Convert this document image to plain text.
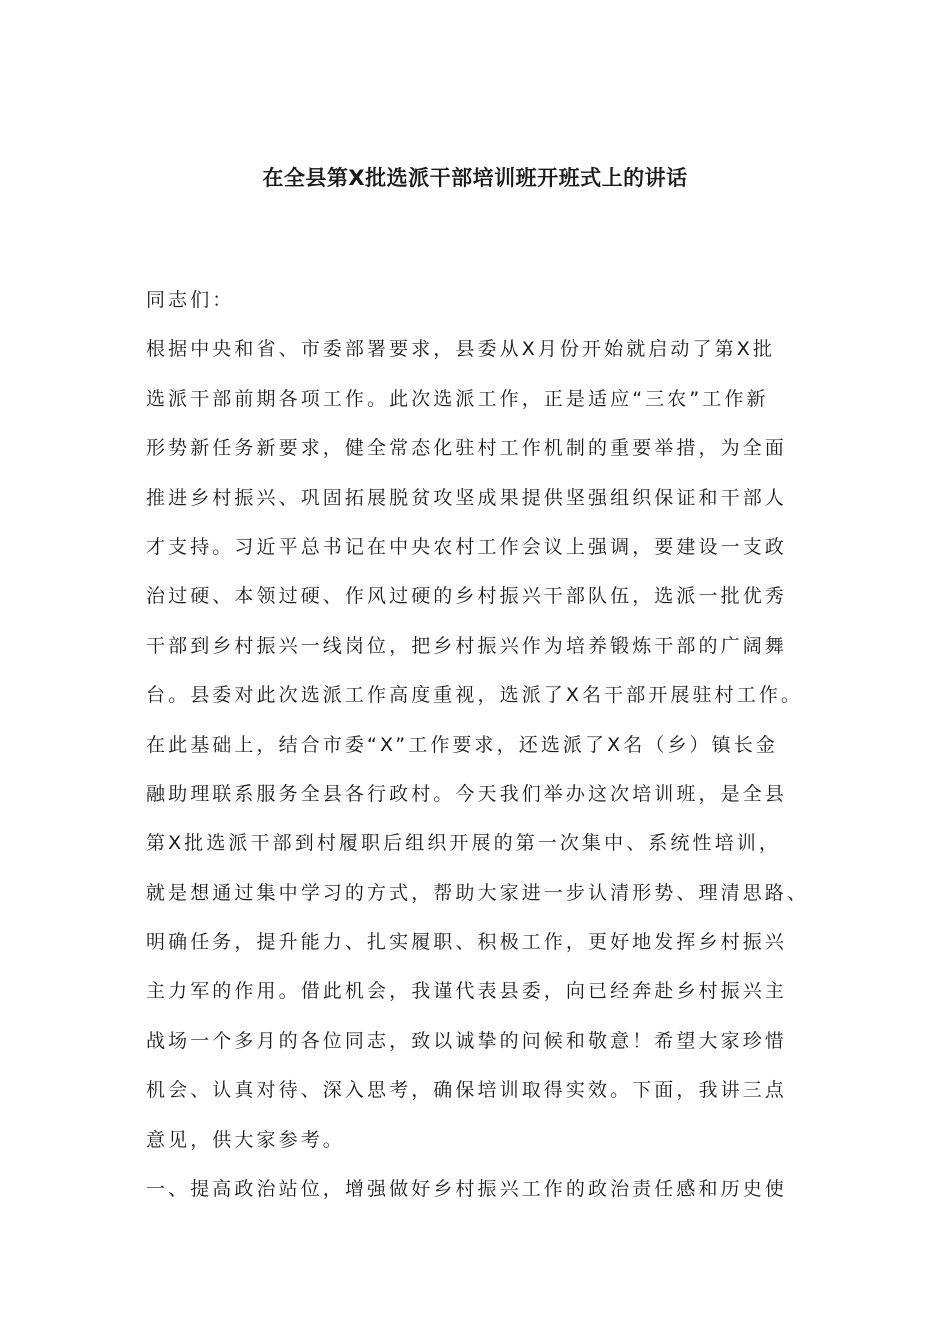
在全县第X批选派干部培训班开班式上的讲话
同志们：
根据中央和省、市委部署要求，县委从X月份开始就启动了第X批
选派干部前期各项工作。此次选派工作，正是适应“三农”工作新
形势新任务新要求，健全常态化驻村工作机制的重要举措，为全面
推进乡村振兴、巩固拓展脱贫攻坚成果提供坚强组织保证和干部人
才支持。习近平总书记在中央农村工作会议上强调，要建设一支政
治过硬、本领过硬、作风过硬的乡村振兴干部队伍，选派一批优秀
干部到乡村振兴一线岗位，把乡村振兴作为培养锻炼干部的广阔舞
台。县委对此次选派工作高度重视，选派了X名干部开展驻村工作。
在此基础上，结合市委“X”工作要求，还选派了X名（乡）镇长金
融助理联系服务全县各行政村。今天我们举办这次培训班，是全县
第X批选派干部到村履职后组织开展的第一次集中、系统性培训，
就是想通过集中学习的方式，帮助大家进一步认清形势、理清思路、
明确任务，提升能力、扎实履职、积极工作，更好地发挥乡村振兴
主力军的作用。借此机会，我谨代表县委，向已经奔赴乡村振兴主
战场一个多月的各位同志，致以诚挚的问候和敬意！希望大家珍惜
机会、认真对待、深入思考，确保培训取得实效。下面，我讲三点
意见，供大家参考。
一、提高政治站位，增强做好乡村振兴工作的政治责任感和历史使
